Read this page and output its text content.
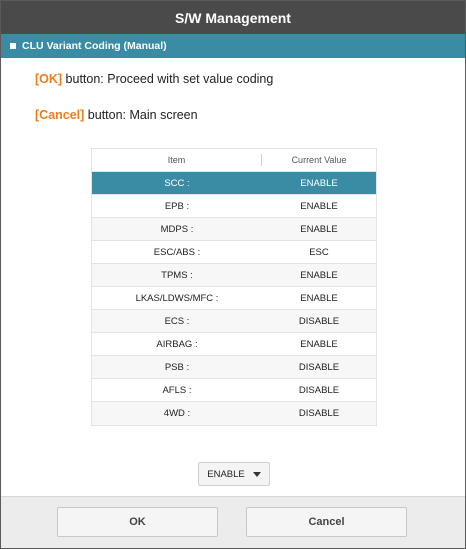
S/W Management
CLU Variant Coding (Manual)
[OK] button: Proceed with set value coding
[Cancel] button: Main screen
Item	Current Value
SCC :	ENABLE
EPB :	ENABLE
MDPS :	ENABLE
ESC/ABS :	ESC
TPMS :	ENABLE
LKAS/LDWS/MFC :	ENABLE
ECS :	DISABLE
AIRBAG :	ENABLE
PSB :	DISABLE
AFLS :	DISABLE
4WD :	DISABLE
ENABLE
OK	Cancel
